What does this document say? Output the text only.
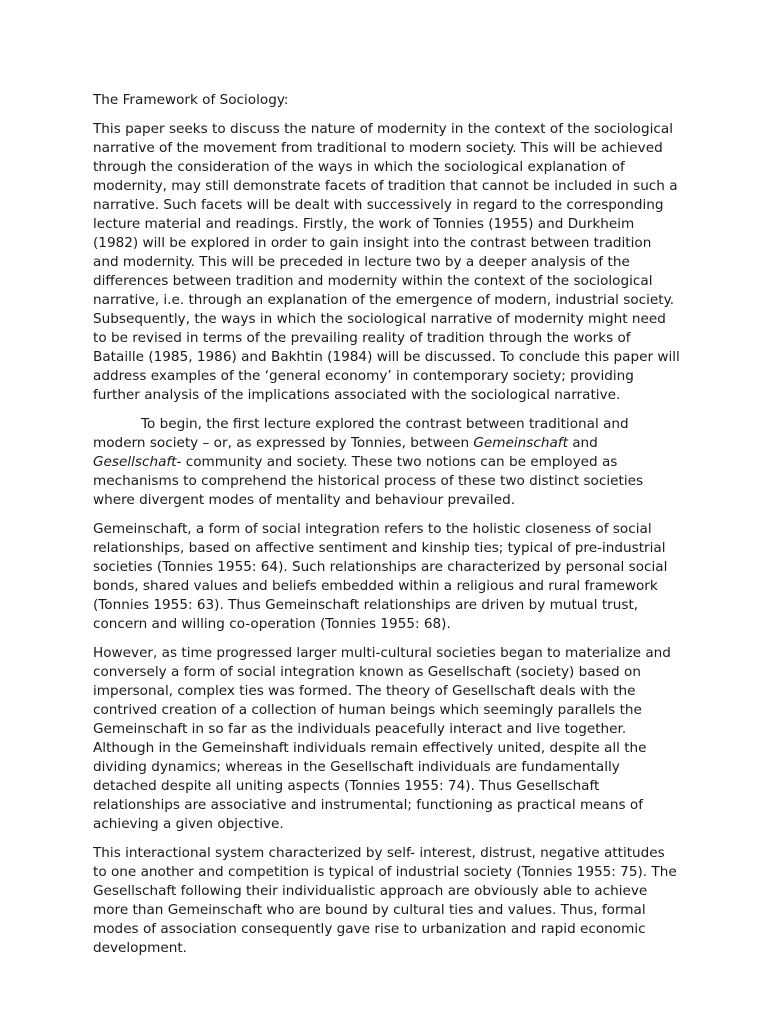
The Framework of Sociology:

This paper seeks to discuss the nature of modernity in the context of the sociological narrative of the movement from traditional to modern society. This will be achieved through the consideration of the ways in which the sociological explanation of modernity, may still demonstrate facets of tradition that cannot be included in such a narrative. Such facets will be dealt with successively in regard to the corresponding lecture material and readings. Firstly, the work of Tonnies (1955) and Durkheim (1982) will be explored in order to gain insight into the contrast between tradition and modernity. This will be preceded in lecture two by a deeper analysis of the differences between tradition and modernity within the context of the sociological narrative, i.e. through an explanation of the emergence of modern, industrial society. Subsequently, the ways in which the sociological narrative of modernity might need to be revised in terms of the prevailing reality of tradition through the works of Bataille (1985, 1986) and Bakhtin (1984) will be discussed. To conclude this paper will address examples of the ‘general economy’ in contemporary society; providing further analysis of the implications associated with the sociological narrative.

To begin, the first lecture explored the contrast between traditional and modern society – or, as expressed by Tonnies, between Gemeinschaft and Gesellschaft- community and society. These two notions can be employed as mechanisms to comprehend the historical process of these two distinct societies where divergent modes of mentality and behaviour prevailed.

Gemeinschaft, a form of social integration refers to the holistic closeness of social relationships, based on affective sentiment and kinship ties; typical of pre-industrial societies (Tonnies 1955: 64). Such relationships are characterized by personal social bonds, shared values and beliefs embedded within a religious and rural framework (Tonnies 1955: 63). Thus Gemeinschaft relationships are driven by mutual trust, concern and willing co-operation (Tonnies 1955: 68).

However, as time progressed larger multi-cultural societies began to materialize and conversely a form of social integration known as Gesellschaft (society) based on impersonal, complex ties was formed. The theory of Gesellschaft deals with the contrived creation of a collection of human beings which seemingly parallels the Gemeinschaft in so far as the individuals peacefully interact and live together. Although in the Gemeinshaft individuals remain effectively united, despite all the dividing dynamics; whereas in the Gesellschaft individuals are fundamentally detached despite all uniting aspects (Tonnies 1955: 74). Thus Gesellschaft relationships are associative and instrumental; functioning as practical means of achieving a given objective.

This interactional system characterized by self- interest, distrust, negative attitudes to one another and competition is typical of industrial society (Tonnies 1955: 75). The Gesellschaft following their individualistic approach are obviously able to achieve more than Gemeinschaft who are bound by cultural ties and values. Thus, formal modes of association consequently gave rise to urbanization and rapid economic development.
